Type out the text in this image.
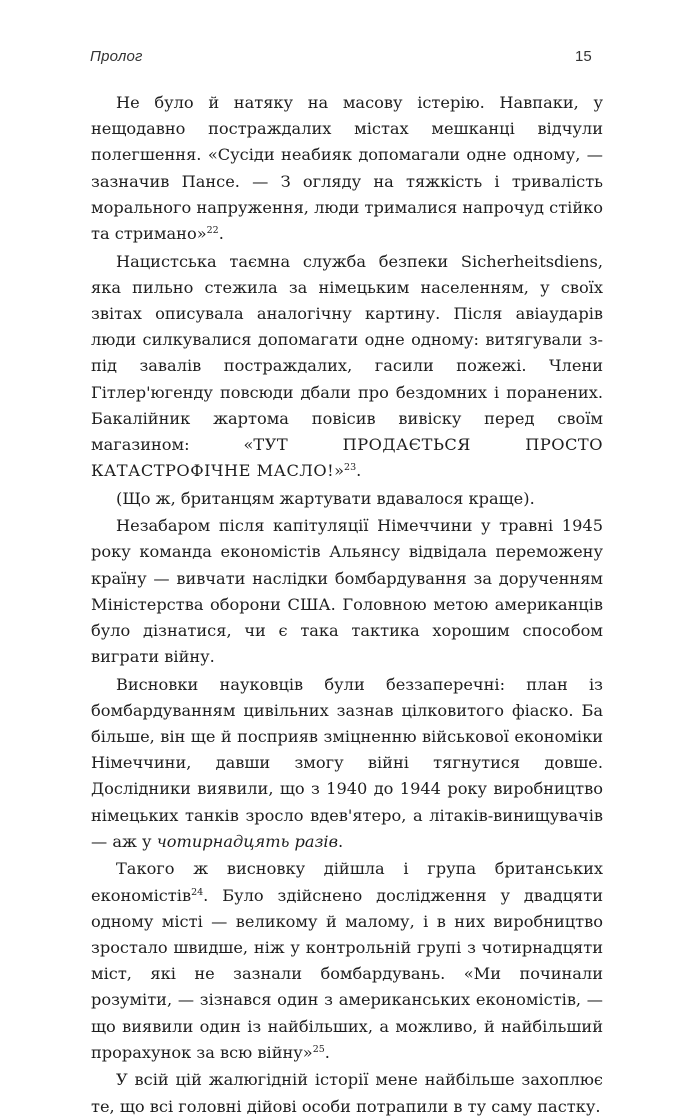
Пролог	15

Не було й натяку на масову істерію. Навпаки, у нещодавно постраждалих містах мешканці відчули полегшення. «Сусіди неабияк допомагали одне одному, — зазначив Пансе. — З огляду на тяжкість і тривалість морального напруження, люди трималися напрочуд стійко та стримано»$^{22}$.

Нацистська таємна служба безпеки Sicherheitsdiens, яка пильно стежила за німецьким населенням, у своїх звітах описувала аналогічну картину. Після авіаударів люди силкувалися допомагати одне одному: витягували з-під завалів постраждалих, гасили пожежі. Члени Гітлер'югенду повсюди дбали про бездомних і поранених. Бакалійник жартома повісив вивіску перед своїм магазином: «ТУТ ПРОДАЄТЬСЯ ПРОСТО КАТАСТРОФІЧНЕ МАСЛО!»$^{23}$.

(Що ж, британцям жартувати вдавалося краще).

Незабаром після капітуляції Німеччини у травні 1945 року команда економістів Альянсу відвідала переможену країну — вивчати наслідки бомбардування за дорученням Міністерства оборони США. Головною метою американців було дізнатися, чи є така тактика хорошим способом виграти війну.

Висновки науковців були беззаперечні: план із бомбардуванням цивільних зазнав цілковитого фіаско. Ба більше, він ще й посприяв зміцненню військової економіки Німеччини, давши змогу війні тягнутися довше. Дослідники виявили, що з 1940 до 1944 року виробництво німецьких танків зросло вдев'ятеро, а літаків-винищувачів — аж у чотирнадцять разів.

Такого ж висновку дійшла і група британських економістів$^{24}$. Було здійснено дослідження у двадцяти одному місті — великому й малому, і в них виробництво зростало швидше, ніж у контрольній групі з чотирнадцяти міст, які не зазнали бомбардувань. «Ми починали розуміти, — зізнався один з американських економістів, — що виявили один із найбільших, а можливо, й найбільший прорахунок за всю війну»$^{25}$.

У всій цій жалюгідній історії мене найбільше захоплює те, що всі головні дійові особи потрапили в ту саму пастку.
